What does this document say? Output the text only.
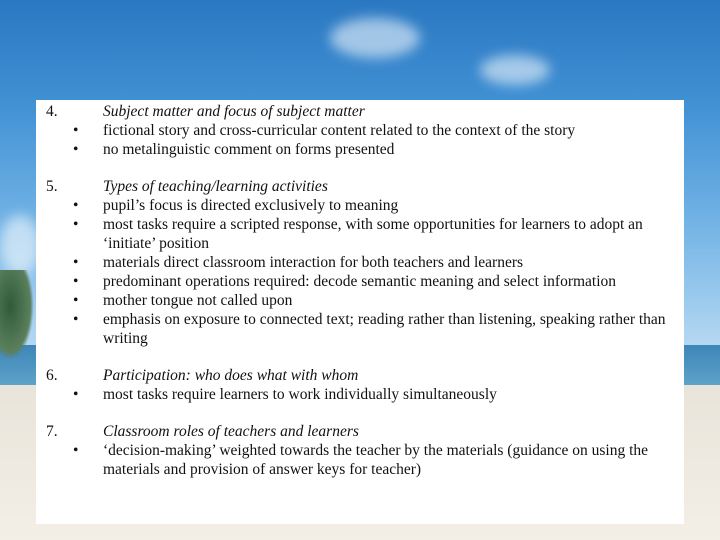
4.	Subject matter and focus of subject matter
• fictional story and cross-curricular content related to the context of the story
• no metalinguistic comment on forms presented
5.	Types of teaching/learning activities
• pupil’s focus is directed exclusively to meaning
• most tasks require a scripted response, with some opportunities for learners to adopt an ‘initiate’ position
• materials direct classroom interaction for both teachers and learners
• predominant operations required: decode semantic meaning and select information
• mother tongue not called upon
• emphasis on exposure to connected text; reading rather than listening, speaking rather than writing
6.	Participation: who does what with whom
• most tasks require learners to work individually simultaneously
7.	Classroom roles of teachers and learners
• ‘decision-making’ weighted towards the teacher by the materials (guidance on using the materials and provision of answer keys for teacher)
